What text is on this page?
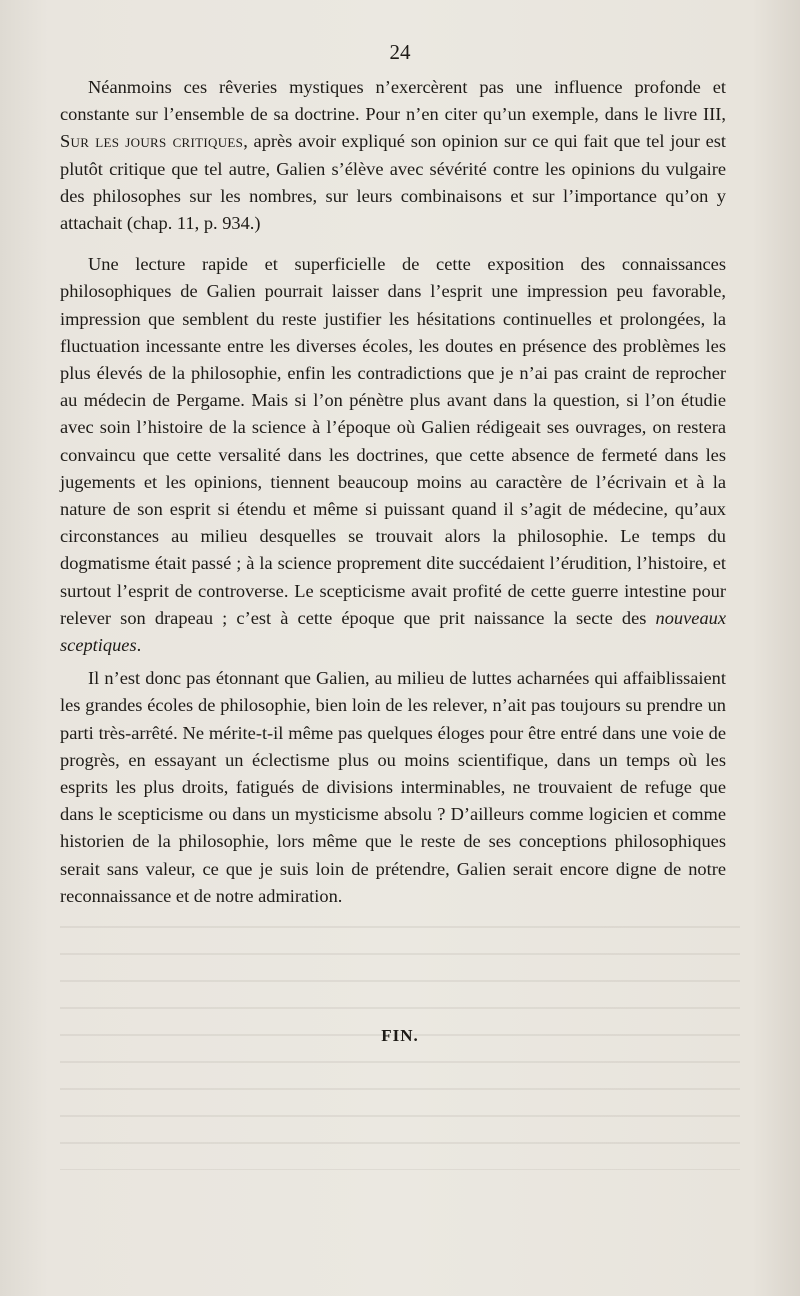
24

Néanmoins ces rêveries mystiques n’exercèrent pas une influence profonde et constante sur l’ensemble de sa doctrine. Pour n’en citer qu’un exemple, dans le livre III, Sur les jours critiques, après avoir expliqué son opinion sur ce qui fait que tel jour est plutôt critique que tel autre, Galien s’élève avec sévérité contre les opinions du vulgaire des philosophes sur les nombres, sur leurs combinaisons et sur l’importance qu’on y attachait (chap. 11, p. 934.)

Une lecture rapide et superficielle de cette exposition des connaissances philosophiques de Galien pourrait laisser dans l’esprit une impression peu favorable, impression que semblent du reste justifier les hésitations continuelles et prolongées, la fluctuation incessante entre les diverses écoles, les doutes en présence des problèmes les plus élevés de la philosophie, enfin les contradictions que je n’ai pas craint de reprocher au médecin de Pergame. Mais si l’on pénètre plus avant dans la question, si l’on étudie avec soin l’histoire de la science à l’époque où Galien rédigeait ses ouvrages, on restera convaincu que cette versalité dans les doctrines, que cette absence de fermeté dans les jugements et les opinions, tiennent beaucoup moins au caractère de l’écrivain et à la nature de son esprit si étendu et même si puissant quand il s’agit de médecine, qu’aux circonstances au milieu desquelles se trouvait alors la philosophie. Le temps du dogmatisme était passé ; à la science proprement dite succédaient l’érudition, l’histoire, et surtout l’esprit de controverse. Le scepticisme avait profité de cette guerre intestine pour relever son drapeau ; c’est à cette époque que prit naissance la secte des nouveaux sceptiques.

Il n’est donc pas étonnant que Galien, au milieu de luttes acharnées qui affaiblissaient les grandes écoles de philosophie, bien loin de les relever, n’ait pas toujours su prendre un parti très-arrêté. Ne mérite-t-il même pas quelques éloges pour être entré dans une voie de progrès, en essayant un éclectisme plus ou moins scientifique, dans un temps où les esprits les plus droits, fatigués de divisions interminables, ne trouvaient de refuge que dans le scepticisme ou dans un mysticisme absolu ? D’ailleurs comme logicien et comme historien de la philosophie, lors même que le reste de ses conceptions philosophiques serait sans valeur, ce que je suis loin de prétendre, Galien serait encore digne de notre reconnaissance et de notre admiration.

FIN.
